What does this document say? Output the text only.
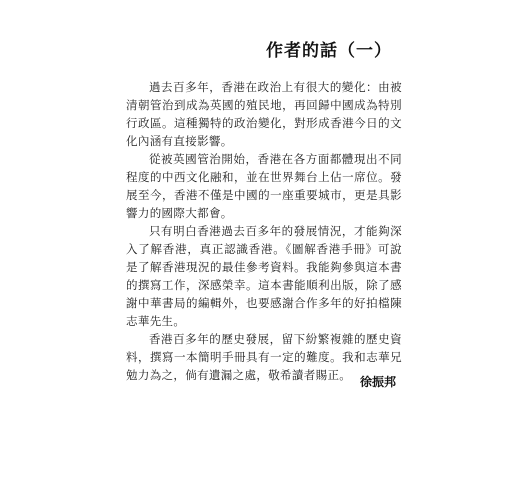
作者的話（一）

過去百多年，香港在政治上有很大的變化：由被清朝管治到成為英國的殖民地，再回歸中國成為特別行政區。這種獨特的政治變化，對形成香港今日的文化內涵有直接影響。

從被英國管治開始，香港在各方面都體現出不同程度的中西文化融和，並在世界舞台上佔一席位。發展至今，香港不僅是中國的一座重要城市，更是具影響力的國際大都會。

只有明白香港過去百多年的發展情況，才能夠深入了解香港，真正認識香港。《圖解香港手冊》可說是了解香港現況的最佳參考資料。我能夠參與這本書的撰寫工作，深感榮幸。這本書能順利出版，除了感謝中華書局的編輯外，也要感謝合作多年的好拍檔陳志華先生。

香港百多年的歷史發展，留下紛繁複雜的歷史資料，撰寫一本簡明手冊具有一定的難度。我和志華兄勉力為之，倘有遺漏之處，敬希讀者賜正。 徐振邦
